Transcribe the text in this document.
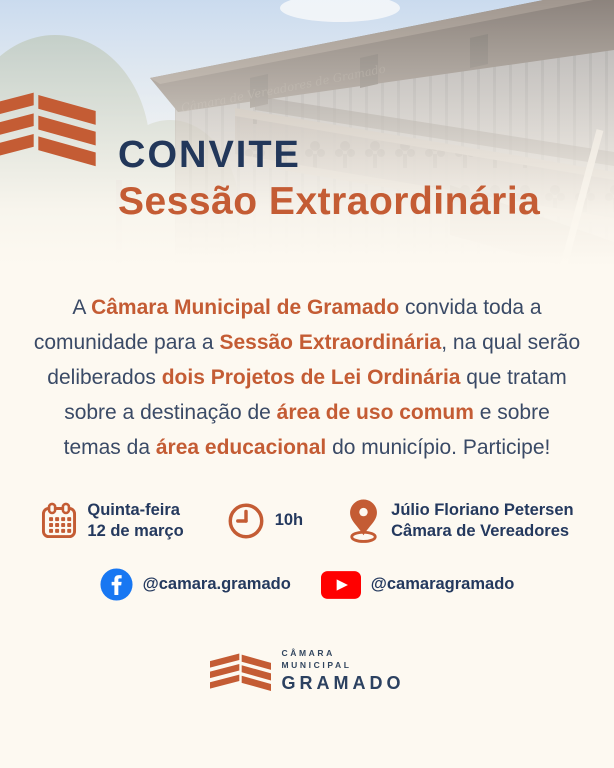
CONVITE
Sessão Extraordinária
A Câmara Municipal de Gramado convida toda a
comunidade para a Sessão Extraordinária, na qual serão
deliberados dois Projetos de Lei Ordinária que tratam
sobre a destinação de área de uso comum e sobre
temas da área educacional do município. Participe!
Quinta-feira
12 de março
10h
Júlio Floriano Petersen
Câmara de Vereadores
@camara.gramado	@camaragramado
CÂMARA
MUNICIPAL
GRAMADO
